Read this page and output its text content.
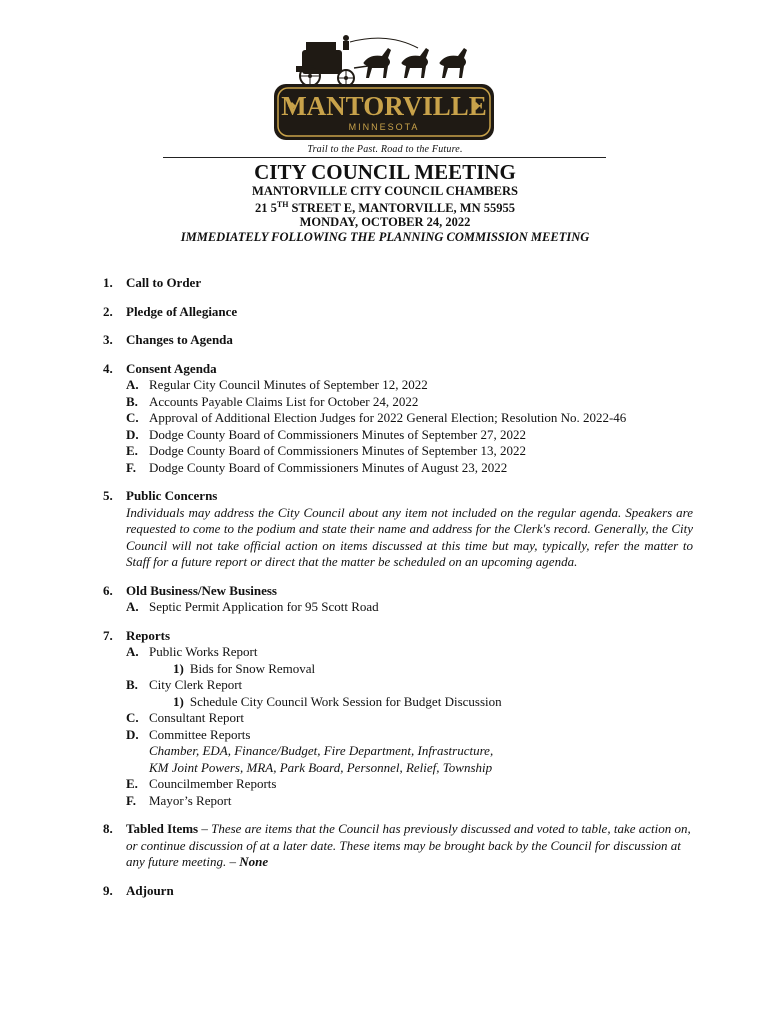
MANTORVILLE
MINNESOTA
Trail to the Past. Road to the Future.
CITY COUNCIL MEETING
MANTORVILLE CITY COUNCIL CHAMBERS
21 5TH STREET E, MANTORVILLE, MN 55955
MONDAY, OCTOBER 24, 2022
IMMEDIATELY FOLLOWING THE PLANNING COMMISSION MEETING
1. Call to Order
2. Pledge of Allegiance
3. Changes to Agenda
4. Consent Agenda
A. Regular City Council Minutes of September 12, 2022
B. Accounts Payable Claims List for October 24, 2022
C. Approval of Additional Election Judges for 2022 General Election; Resolution No. 2022-46
D. Dodge County Board of Commissioners Minutes of September 27, 2022
E. Dodge County Board of Commissioners Minutes of September 13, 2022
F. Dodge County Board of Commissioners Minutes of August 23, 2022
5. Public Concerns
Individuals may address the City Council about any item not included on the regular agenda. Speakers are requested to come to the podium and state their name and address for the Clerk's record. Generally, the City Council will not take official action on items discussed at this time but may, typically, refer the matter to Staff for a future report or direct that the matter be scheduled on an upcoming agenda.
6. Old Business/New Business
A. Septic Permit Application for 95 Scott Road
7. Reports
A. Public Works Report
1) Bids for Snow Removal
B. City Clerk Report
1) Schedule City Council Work Session for Budget Discussion
C. Consultant Report
D. Committee Reports
Chamber, EDA, Finance/Budget, Fire Department, Infrastructure,
KM Joint Powers, MRA, Park Board, Personnel, Relief, Township
E. Councilmember Reports
F. Mayor’s Report
8. Tabled Items – These are items that the Council has previously discussed and voted to table, take action on, or continue discussion of at a later date. These items may be brought back by the Council for discussion at any future meeting. – None
9. Adjourn
